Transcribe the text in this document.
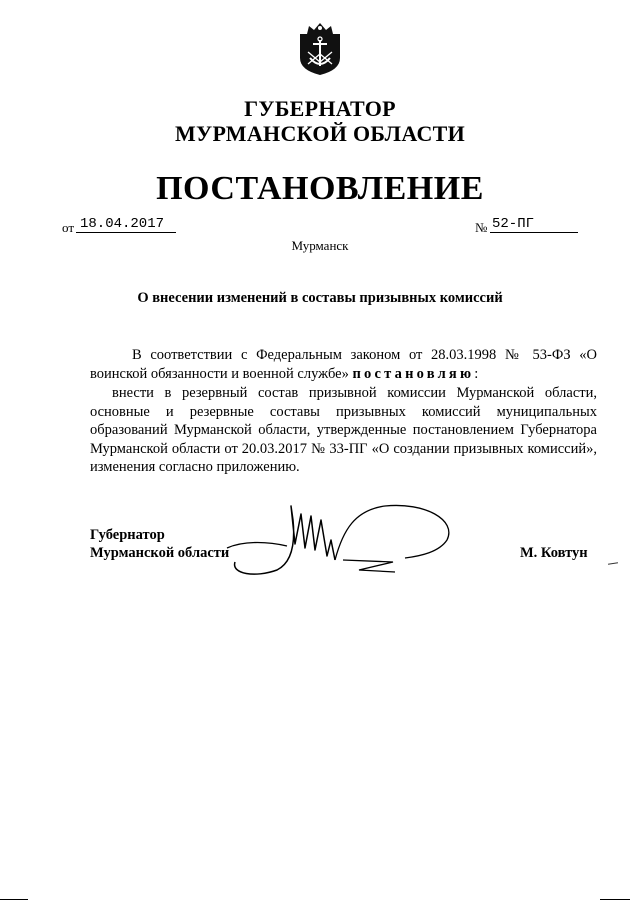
ГУБЕРНАТОР
МУРМАНСКОЙ ОБЛАСТИ
ПОСТАНОВЛЕНИЕ
от 18.04.2017	№ 52-ПГ
Мурманск
О внесении изменений в составы призывных комиссий

В соответствии с Федеральным законом от 28.03.1998 № 53-ФЗ «О воинской обязанности и военной службе» постановляю:

внести в резервный состав призывной комиссии Мурманской области, основные и резервные составы призывных комиссий муниципальных образований Мурманской области, утвержденные постановлением Губернатора Мурманской области от 20.03.2017 № 33-ПГ «О создании призывных комиссий», изменения согласно приложению.

Губернатор
Мурманской области	М. Ковтун
